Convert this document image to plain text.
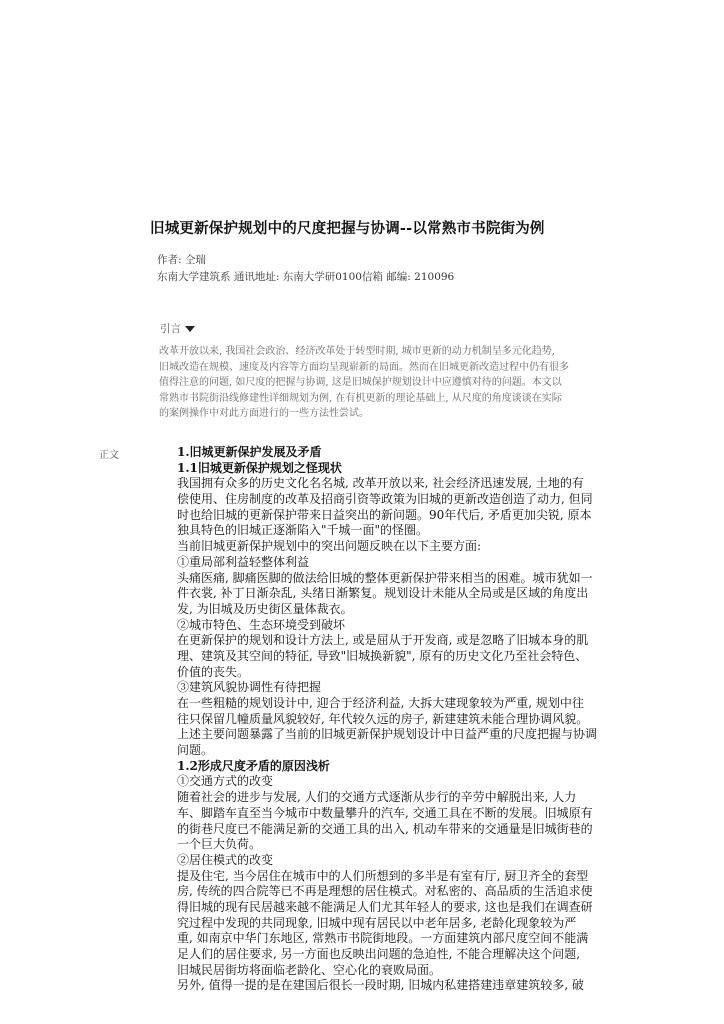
旧城更新保护规划中的尺度把握与协调--以常熟市书院街为例
作者: 仝瑞
东南大学建筑系 通讯地址: 东南大学研0100信箱 邮编: 210096
引言
改革开放以来, 我国社会政治、经济改革处于转型时期, 城市更新的动力机制呈多元化趋势,
旧城改造在规模、速度及内容等方面均呈现崭新的局面。然而在旧城更新改造过程中仍有很多
值得注意的问题, 如尺度的把握与协调, 这是旧城保护规划设计中应遵慎对待的问题。本文以
常熟市书院街沿线修建性详细规划为例, 在有机更新的理论基础上, 从尺度的角度谈谈在实际
的案例操作中对此方面进行的一些方法性尝试。
正文	1.旧城更新保护发展及矛盾
1.1旧城更新保护规划之怪现状
我国拥有众多的历史文化名名城, 改革开放以来, 社会经济迅速发展, 土地的有
偿使用、住房制度的改革及招商引资等政策为旧城的更新改造创造了动力, 但同
时也给旧城的更新保护带来日益突出的新问题。90年代后, 矛盾更加尖锐, 原本
独具特色的旧城正逐渐陷入"千城一面"的怪圈。
当前旧城更新保护规划中的突出问题反映在以下主要方面:
①重局部利益轻整体利益
头痛医痛, 脚痛医脚的做法给旧城的整体更新保护带来相当的困难。城市犹如一
件衣裳, 补丁日渐杂乱, 头绪日渐繁复。规划设计未能从全局或是区域的角度出
发, 为旧城及历史街区量体裁衣。
②城市特色、生态环境受到破坏
在更新保护的规划和设计方法上, 或是屈从于开发商, 或是忽略了旧城本身的肌
理、建筑及其空间的特征, 导致"旧城换新貌", 原有的历史文化乃至社会特色、
价值的丧失。
③建筑风貌协调性有待把握
在一些粗糙的规划设计中, 迎合于经济利益, 大拆大建现象较为严重, 规划中往
往只保留几幢质量风貌较好, 年代较久远的房子, 新建建筑未能合理协调风貌。
上述主要问题暴露了当前的旧城更新保护规划设计中日益严重的尺度把握与协调
问题。
1.2形成尺度矛盾的原因浅析
①交通方式的改变
随着社会的进步与发展, 人们的交通方式逐渐从步行的辛劳中解脱出来, 人力
车、脚踏车直至当今城市中数量攀升的汽车, 交通工具在不断的发展。旧城原有
的街巷尺度已不能满足新的交通工具的出入, 机动车带来的交通量是旧城街巷的
一个巨大负荷。
②居住模式的改变
提及住宅, 当今居住在城市中的人们所想到的多半是有室有厅, 厨卫齐全的套型
房, 传统的四合院等已不再是理想的居住模式。对私密的、高品质的生活追求使
得旧城的现有民居越来越不能满足人们尤其年轻人的要求, 这也是我们在调查研
究过程中发现的共同现象, 旧城中现有居民以中老年居多, 老龄化现象较为严
重, 如南京中华门东地区, 常熟市书院街地段。一方面建筑内部尺度空间不能满
足人们的居住要求, 另一方面也反映出问题的急迫性, 不能合理解决这个问题,
旧城民居街坊将面临老龄化、空心化的衰败局面。
另外, 值得一提的是在建国后很长一段时期, 旧城内私建搭建违章建筑较多, 破
